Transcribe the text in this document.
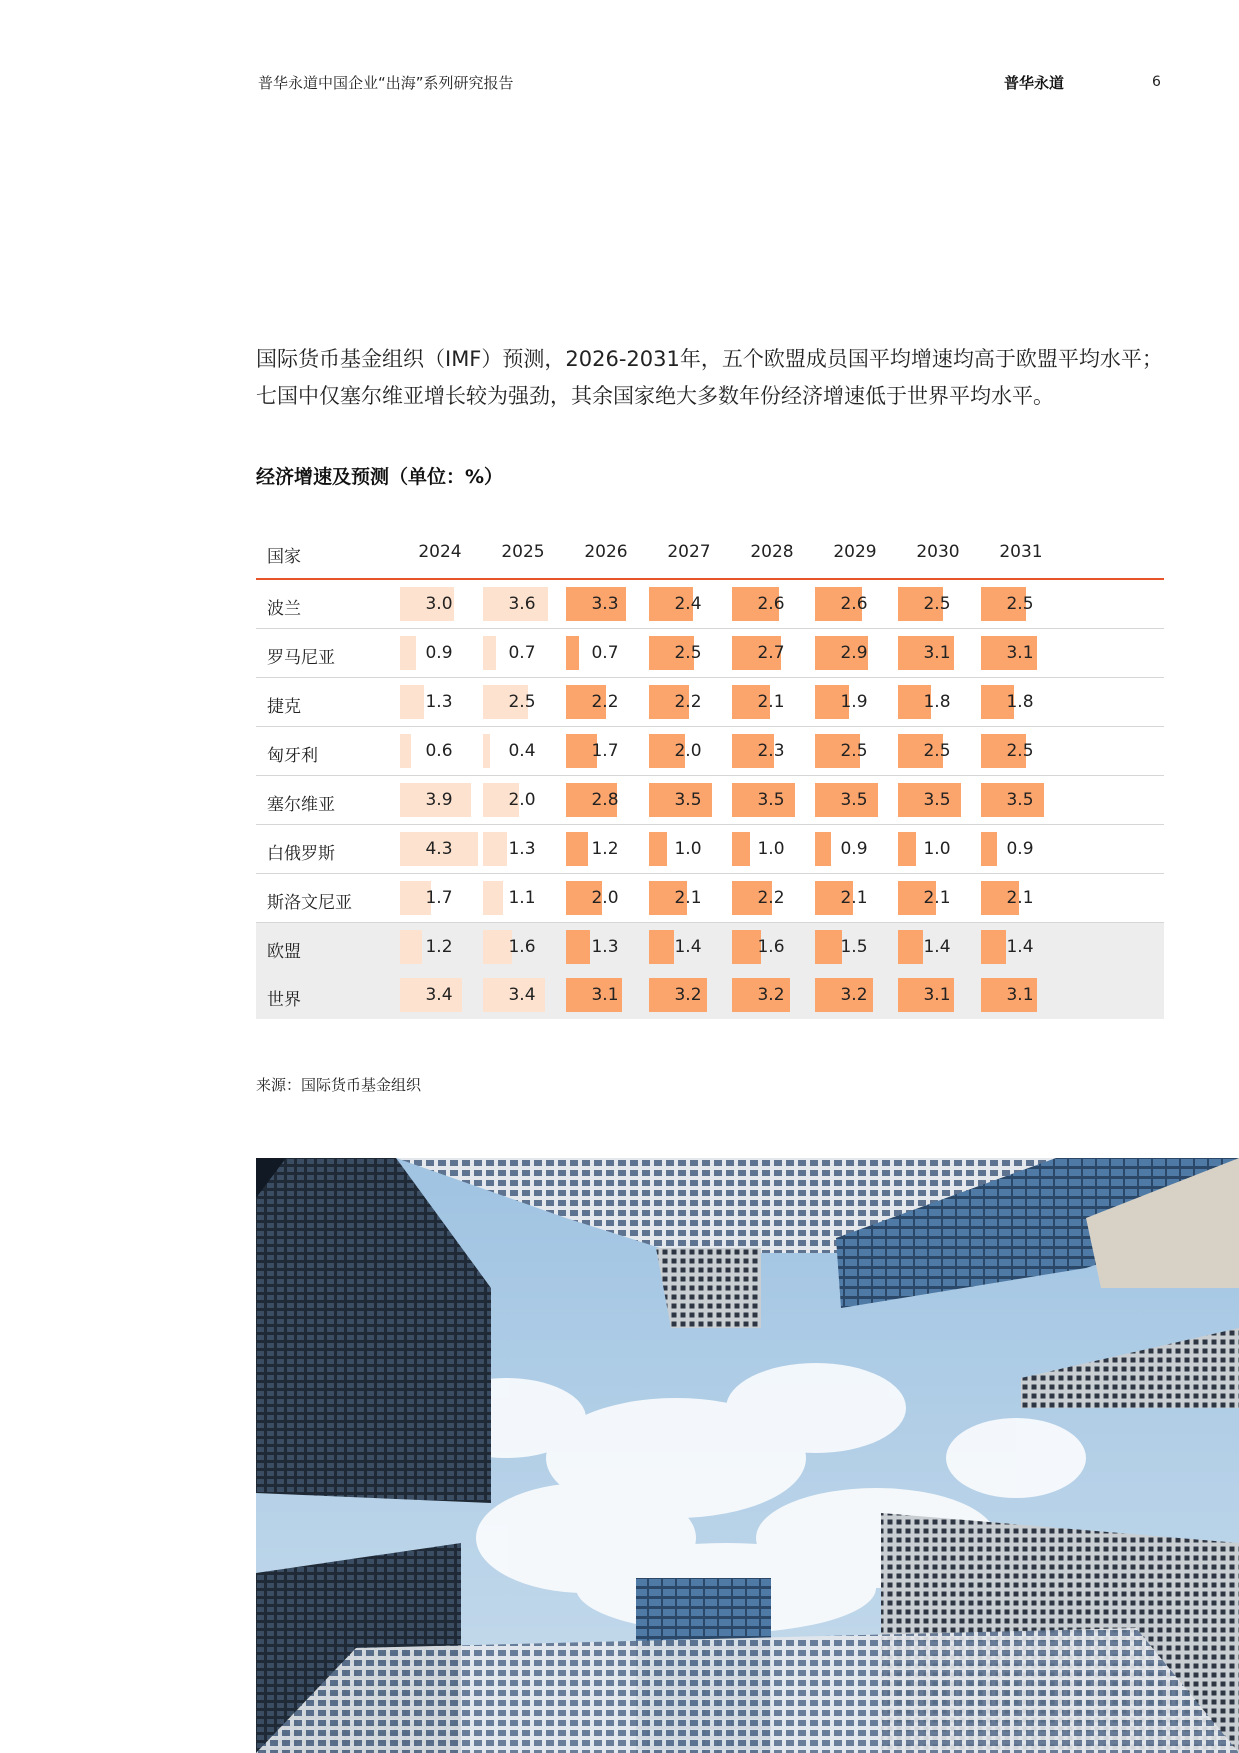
普华永道中国企业“出海”系列研究报告	普华永道	6
国际货币基金组织（IMF）预测，2026-2031年，五个欧盟成员国平均增速均高于欧盟平均水平；七国中仅塞尔维亚增长较为强劲，其余国家绝大多数年份经济增速低于世界平均水平。
经济增速及预测（单位：%）
国家	2024	2025	2026	2027	2028	2029	2030	2031
波兰	3.0	3.6	3.3	2.4	2.6	2.6	2.5	2.5
罗马尼亚	0.9	0.7	0.7	2.5	2.7	2.9	3.1	3.1
捷克	1.3	2.5	2.2	2.2	2.1	1.9	1.8	1.8
匈牙利	0.6	0.4	1.7	2.0	2.3	2.5	2.5	2.5
塞尔维亚	3.9	2.0	2.8	3.5	3.5	3.5	3.5	3.5
白俄罗斯	4.3	1.3	1.2	1.0	1.0	0.9	1.0	0.9
斯洛文尼亚	1.7	1.1	2.0	2.1	2.2	2.1	2.1	2.1
欧盟	1.2	1.6	1.3	1.4	1.6	1.5	1.4	1.4
世界	3.4	3.4	3.1	3.2	3.2	3.2	3.1	3.1
来源：国际货币基金组织
